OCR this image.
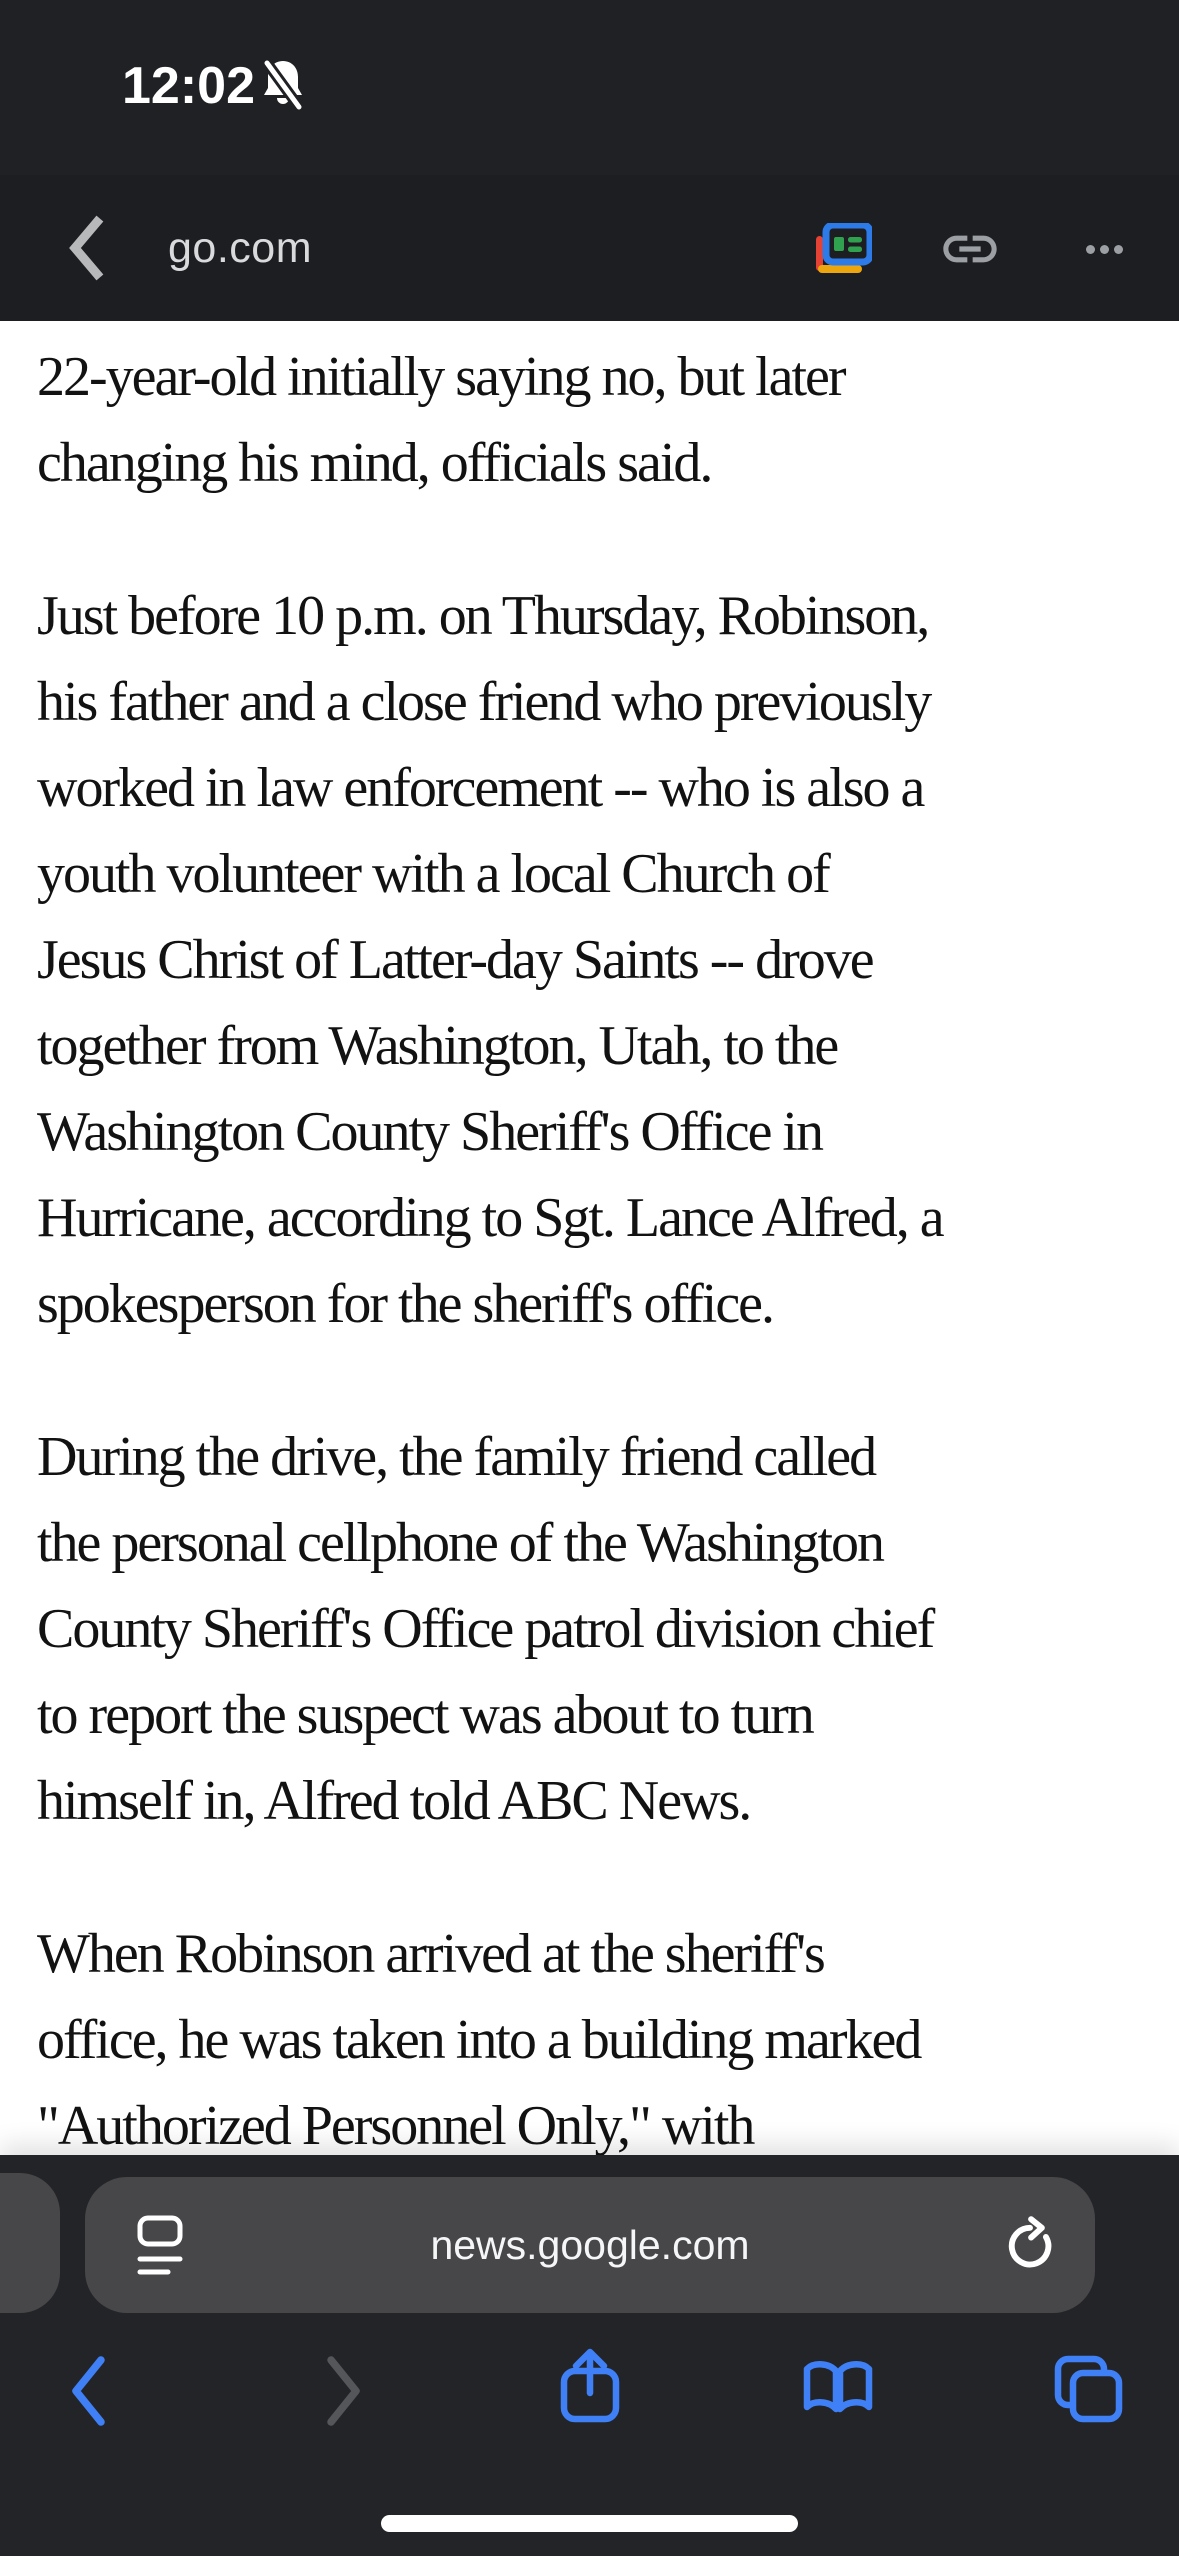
12:02
go.com
22-year-old initially saying no, but later
changing his mind, officials said.
Just before 10 p.m. on Thursday, Robinson,
his father and a close friend who previously
worked in law enforcement -- who is also a
youth volunteer with a local Church of
Jesus Christ of Latter-day Saints -- drove
together from Washington, Utah, to the
Washington County Sheriff's Office in
Hurricane, according to Sgt. Lance Alfred, a
spokesperson for the sheriff's office.
During the drive, the family friend called
the personal cellphone of the Washington
County Sheriff's Office patrol division chief
to report the suspect was about to turn
himself in, Alfred told ABC News.
When Robinson arrived at the sheriff's
office, he was taken into a building marked
"Authorized Personnel Only," with
news.google.com
